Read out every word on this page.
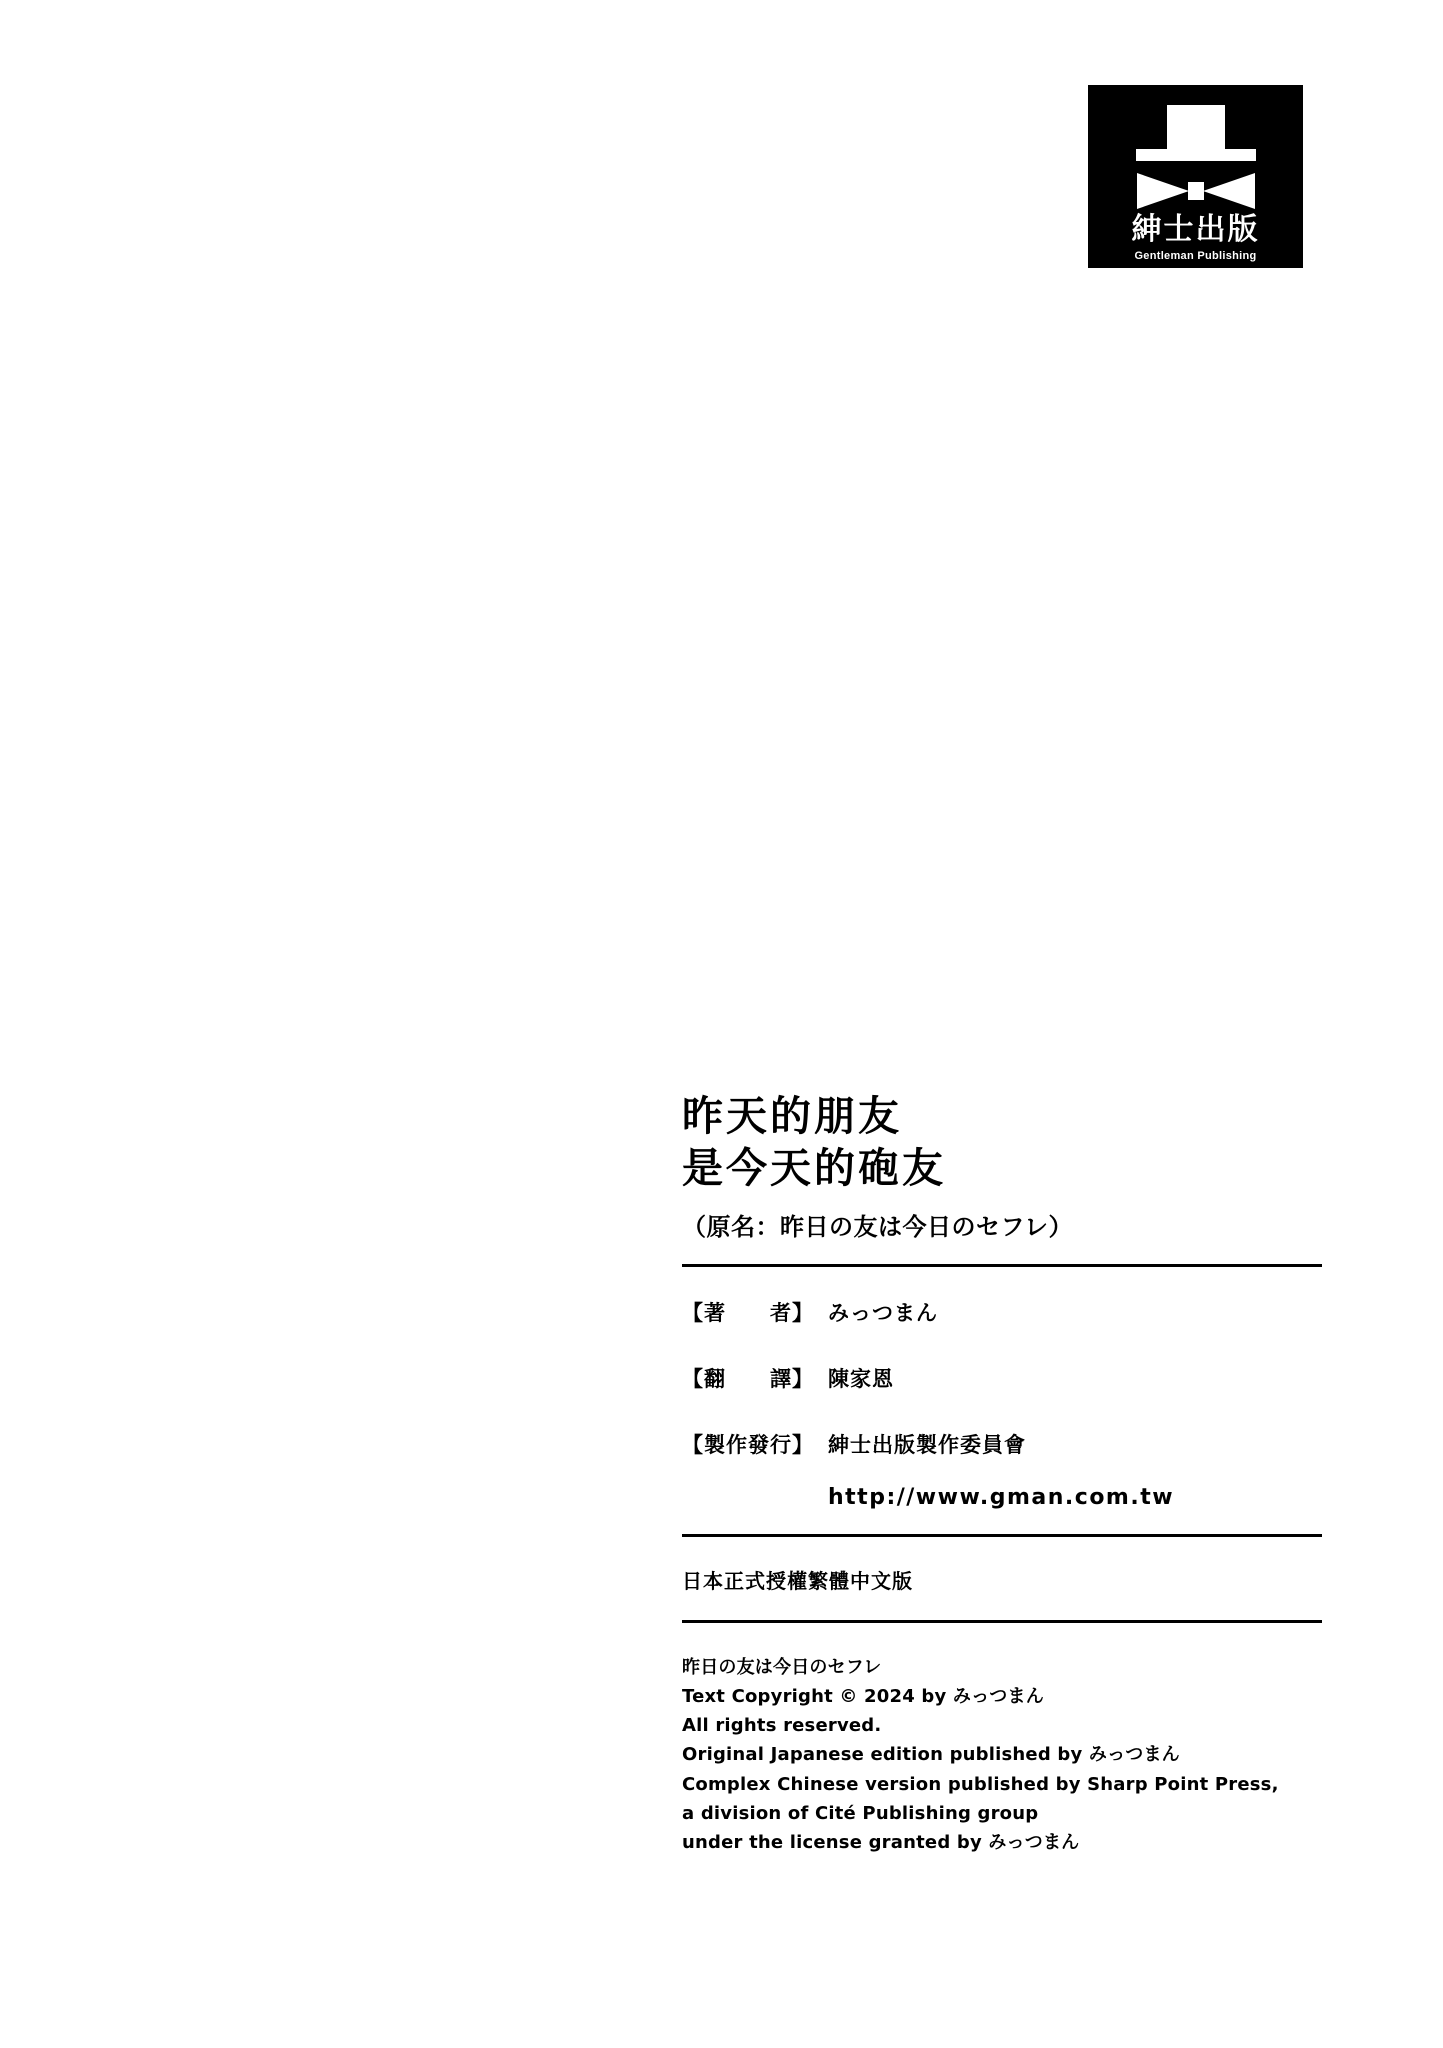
紳士出版
Gentleman Publishing
昨天的朋友
是今天的砲友
（原名：昨日の友は今日のセフレ）
【著　　者】 みっつまん
【翻　　譯】 陳家恩
【製作發行】 紳士出版製作委員會
http://www.gman.com.tw
日本正式授權繁體中文版
昨日の友は今日のセフレ
Text Copyright © 2024 by みっつまん
All rights reserved.
Original Japanese edition published by みっつまん
Complex Chinese version published by Sharp Point Press,
a division of Cité Publishing group
under the license granted by みっつまん
